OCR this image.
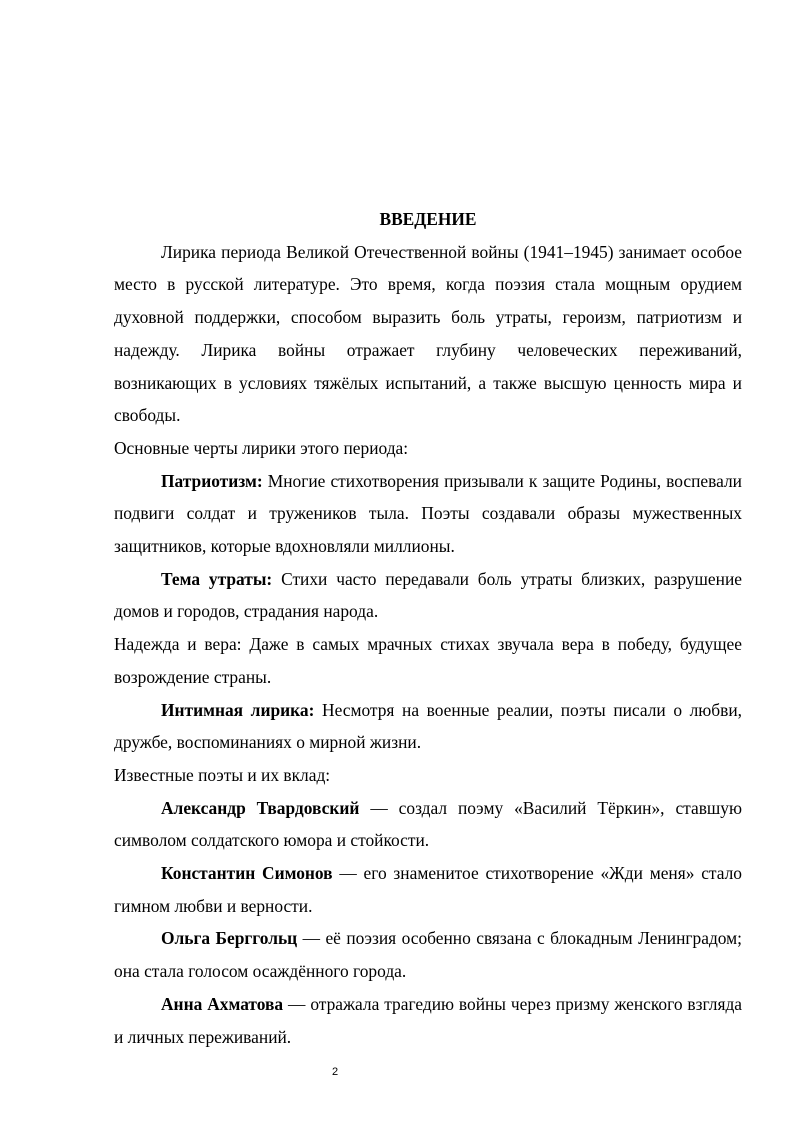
ВВЕДЕНИЕ

Лирика периода Великой Отечественной войны (1941–1945) занимает особое место в русской литературе. Это время, когда поэзия стала мощным орудием духовной поддержки, способом выразить боль утраты, героизм, патриотизм и надежду. Лирика войны отражает глубину человеческих переживаний, возникающих в условиях тяжёлых испытаний, а также высшую ценность мира и свободы.

Основные черты лирики этого периода:

Патриотизм: Многие стихотворения призывали к защите Родины, воспевали подвиги солдат и тружеников тыла. Поэты создавали образы мужественных защитников, которые вдохновляли миллионы.

Тема утраты: Стихи часто передавали боль утраты близких, разрушение домов и городов, страдания народа.

Надежда и вера: Даже в самых мрачных стихах звучала вера в победу, будущее возрождение страны.

Интимная лирика: Несмотря на военные реалии, поэты писали о любви, дружбе, воспоминаниях о мирной жизни.

Известные поэты и их вклад:

Александр Твардовский — создал поэму «Василий Тёркин», ставшую символом солдатского юмора и стойкости.

Константин Симонов — его знаменитое стихотворение «Жди меня» стало гимном любви и верности.

Ольга Берггольц — её поэзия особенно связана с блокадным Ленинградом; она стала голосом осаждённого города.

Анна Ахматова — отражала трагедию войны через призму женского взгляда и личных переживаний.

2
